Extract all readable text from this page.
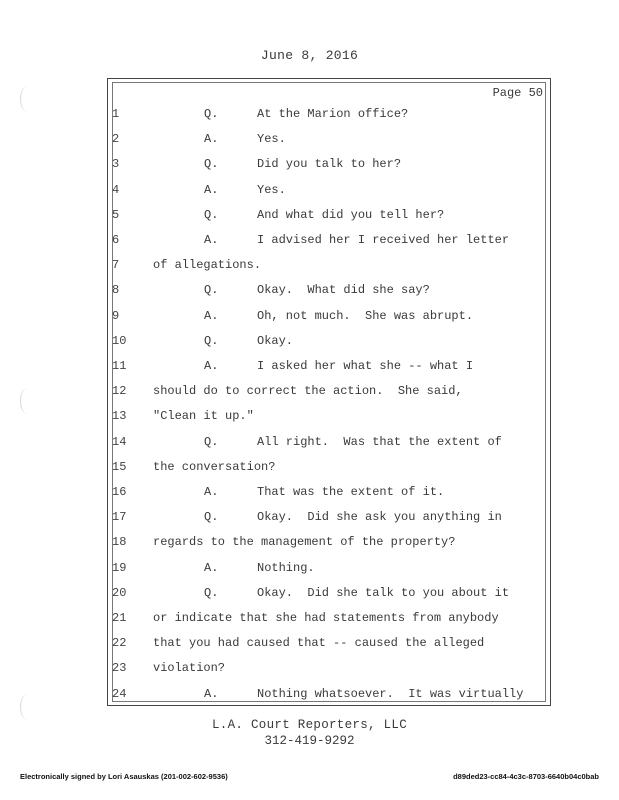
June 8, 2016
Page 50
1	Q.	At the Marion office?
2	A.	Yes.
3	Q.	Did you talk to her?
4	A.	Yes.
5	Q.	And what did you tell her?
6	A.	I advised her I received her letter
7	of allegations.
8	Q.	Okay.  What did she say?
9	A.	Oh, not much.  She was abrupt.
10	Q.	Okay.
11	A.	I asked her what she -- what I
12	should do to correct the action.  She said,
13	"Clean it up."
14	Q.	All right.  Was that the extent of
15	the conversation?
16	A.	That was the extent of it.
17	Q.	Okay.  Did she ask you anything in
18	regards to the management of the property?
19	A.	Nothing.
20	Q.	Okay.  Did she talk to you about it
21	or indicate that she had statements from anybody
22	that you had caused that -- caused the alleged
23	violation?
24	A.	Nothing whatsoever.  It was virtually
L.A. Court Reporters, LLC
312-419-9292
Electronically signed by Lori Asauskas (201-002-602-9536)	d89ded23-cc84-4c3c-8703-6640b04c0bab
